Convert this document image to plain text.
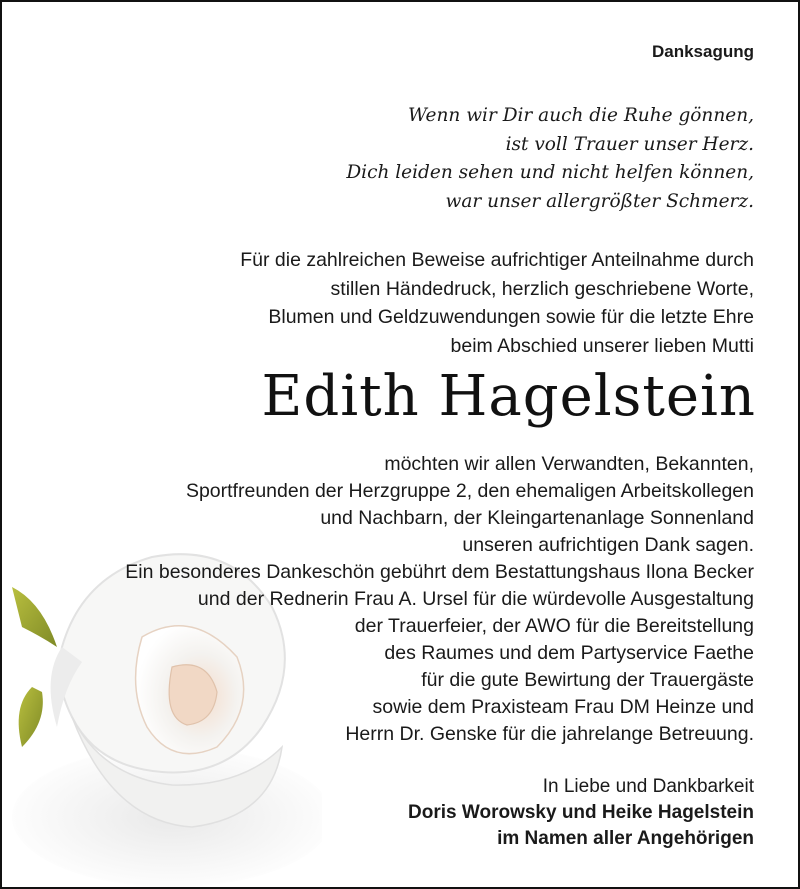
Danksagung
Wenn wir Dir auch die Ruhe gönnen,
ist voll Trauer unser Herz.
Dich leiden sehen und nicht helfen können,
war unser allergrößter Schmerz.
Für die zahlreichen Beweise aufrichtiger Anteilnahme durch
stillen Händedruck, herzlich geschriebene Worte,
Blumen und Geldzuwendungen sowie für die letzte Ehre
beim Abschied unserer lieben Mutti
Edith Hagelstein
möchten wir allen Verwandten, Bekannten,
Sportfreunden der Herzgruppe 2, den ehemaligen Arbeitskollegen
und Nachbarn, der Kleingartenanlage Sonnenland
unseren aufrichtigen Dank sagen.
Ein besonderes Dankeschön gebührt dem Bestattungshaus Ilona Becker
und der Rednerin Frau A. Ursel für die würdevolle Ausgestaltung
der Trauerfeier, der AWO für die Bereitstellung
des Raumes und dem Partyservice Faethe
für die gute Bewirtung der Trauergäste
sowie dem Praxisteam Frau DM Heinze und
Herrn Dr. Genske für die jahrelange Betreuung.
In Liebe und Dankbarkeit
Doris Worowsky und Heike Hagelstein
im Namen aller Angehörigen
